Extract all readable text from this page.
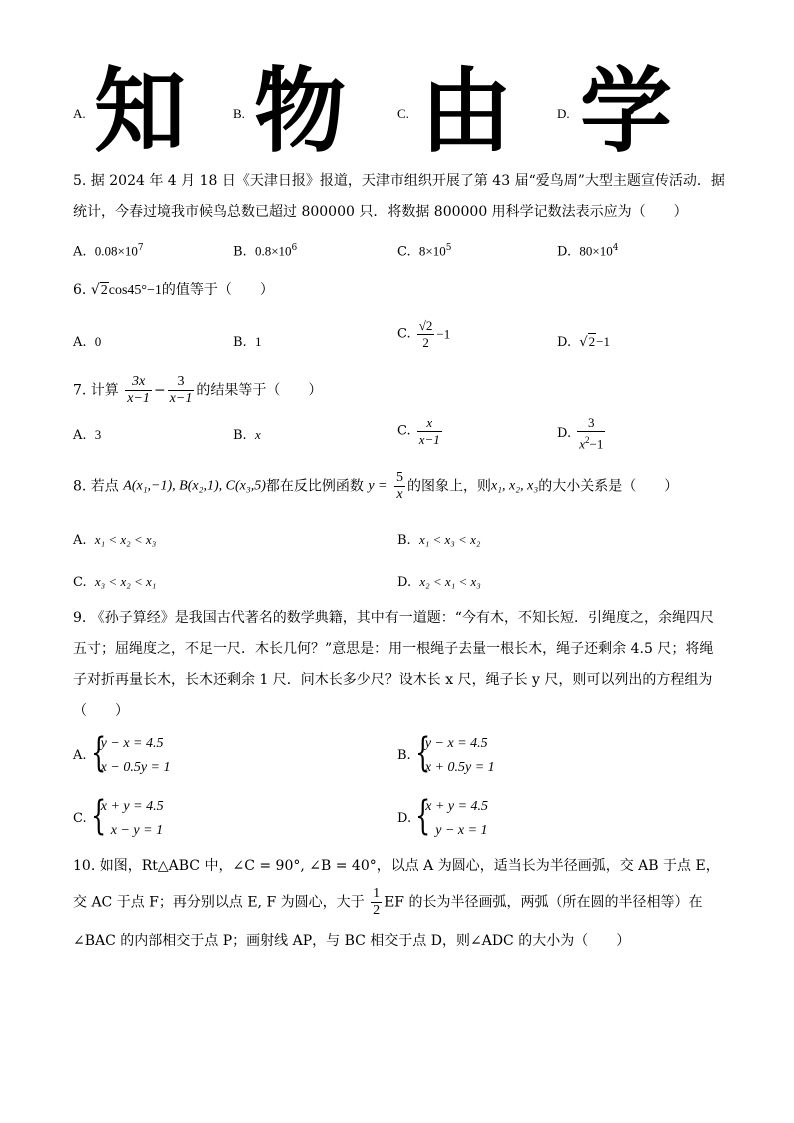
A. 知	B. 物	C. 由	D. 学
5. 据 2024 年 4 月 18 日《天津日报》报道，天津市组织开展了第 43 届“爱鸟周”大型主题宣传活动．据
统计，今春过境我市候鸟总数已超过 800000 只．将数据 800000 用科学记数法表示应为（　　）
A. $0.08\times 10^7$	B. $0.8\times 10^6$	C. $8\times 10^5$	D. $80\times 10^4$
6. √2cos45°−1的值等于（　　）
A. 0	B. 1	C. $\frac{√2}{2} -1$
D. √2−1
7. 计算 $\frac{3x}{x-1} - \frac{3}{x-1}$ 的结果等于（　　）
A. 3	B. x	C. $\frac{x}{x-1}$	D. $\frac{3}{x^2-1}$
8. 若点 A(x₁,−1), B(x₂,1), C(x₃,5)都在反比例函数 $y = \frac{5}{x}$ 的图象上，则x₁, x₂, x₃的大小关系是（　　）
A. x₁ < x₂ < x₃	B. x₁ < x₃ < x₂
C. x₃ < x₂ < x₁	D. x₂ < x₁ < x₃
9. 《孙子算经》是我国古代著名的数学典籍，其中有一道题：“今有木，不知长短．引绳度之，余绳四尺
五寸；屈绳度之，不足一尺．木长几何？”意思是：用一根绳子去量一根长木，绳子还剩余 4.5 尺；将绳
子对折再量长木，长木还剩余 1 尺．问木长多少尺？设木长 x 尺，绳子长 y 尺，则可以列出的方程组为
（　　）
A. {
y − x = 4.5
x − 0.5y = 1
B. {
y − x = 4.5
x + 0.5y = 1
C. {
x + y = 4.5
x − y = 1
D. {
x + y = 4.5
y − x = 1
10. 如图，Rt△ABC 中，∠C = 90°, ∠B = 40°，以点 A 为圆心，适当长为半径画弧，交 AB 于点 E，
交 AC 于点 F；再分别以点 E, F 为圆心，大于 $\frac{1}{2}$ EF 的长为半径画弧，两弧（所在圆的半径相等）在
∠BAC 的内部相交于点 P；画射线 AP，与 BC 相交于点 D，则∠ADC 的大小为（　　）
